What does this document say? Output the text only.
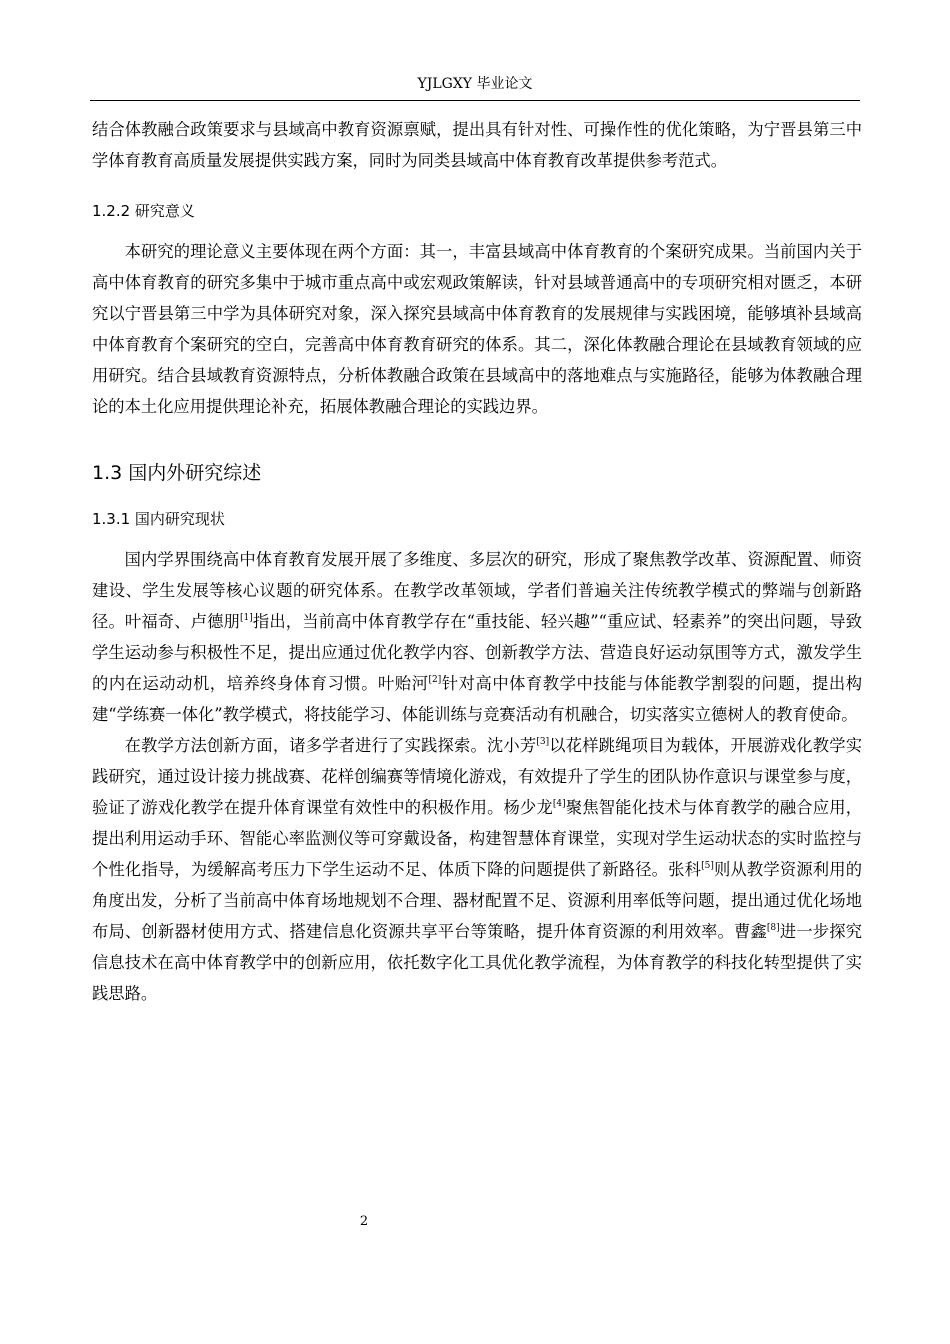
YJLGXY 毕业论文

结合体教融合政策要求与县域高中教育资源禀赋，提出具有针对性、可操作性的优化策略，为宁晋县第三中学体育教育高质量发展提供实践方案，同时为同类县域高中体育教育改革提供参考范式。

1.2.2 研究意义

本研究的理论意义主要体现在两个方面：其一，丰富县域高中体育教育的个案研究成果。当前国内关于高中体育教育的研究多集中于城市重点高中或宏观政策解读，针对县域普通高中的专项研究相对匮乏，本研究以宁晋县第三中学为具体研究对象，深入探究县域高中体育教育的发展规律与实践困境，能够填补县域高中体育教育个案研究的空白，完善高中体育教育研究的体系。其二，深化体教融合理论在县域教育领域的应用研究。结合县域教育资源特点，分析体教融合政策在县域高中的落地难点与实施路径，能够为体教融合理论的本土化应用提供理论补充，拓展体教融合理论的实践边界。

1.3 国内外研究综述
1.3.1 国内研究现状

国内学界围绕高中体育教育发展开展了多维度、多层次的研究，形成了聚焦教学改革、资源配置、师资建设、学生发展等核心议题的研究体系。在教学改革领域，学者们普遍关注传统教学模式的弊端与创新路径。叶福奇、卢德朋[1]指出，当前高中体育教学存在“重技能、轻兴趣”“重应试、轻素养”的突出问题，导致学生运动参与积极性不足，提出应通过优化教学内容、创新教学方法、营造良好运动氛围等方式，激发学生的内在运动动机，培养终身体育习惯。叶贻河[2]针对高中体育教学中技能与体能教学割裂的问题，提出构建“学练赛一体化”教学模式，将技能学习、体能训练与竞赛活动有机融合，切实落实立德树人的教育使命。

在教学方法创新方面，诸多学者进行了实践探索。沈小芳[3]以花样跳绳项目为载体，开展游戏化教学实践研究，通过设计接力挑战赛、花样创编赛等情境化游戏，有效提升了学生的团队协作意识与课堂参与度，验证了游戏化教学在提升体育课堂有效性中的积极作用。杨少龙[4]聚焦智能化技术与体育教学的融合应用，提出利用运动手环、智能心率监测仪等可穿戴设备，构建智慧体育课堂，实现对学生运动状态的实时监控与个性化指导，为缓解高考压力下学生运动不足、体质下降的问题提供了新路径。张科[5]则从教学资源利用的角度出发，分析了当前高中体育场地规划不合理、器材配置不足、资源利用率低等问题，提出通过优化场地布局、创新器材使用方式、搭建信息化资源共享平台等策略，提升体育资源的利用效率。曹鑫[8]进一步探究信息技术在高中体育教学中的创新应用，依托数字化工具优化教学流程，为体育教学的科技化转型提供了实践思路。

2
